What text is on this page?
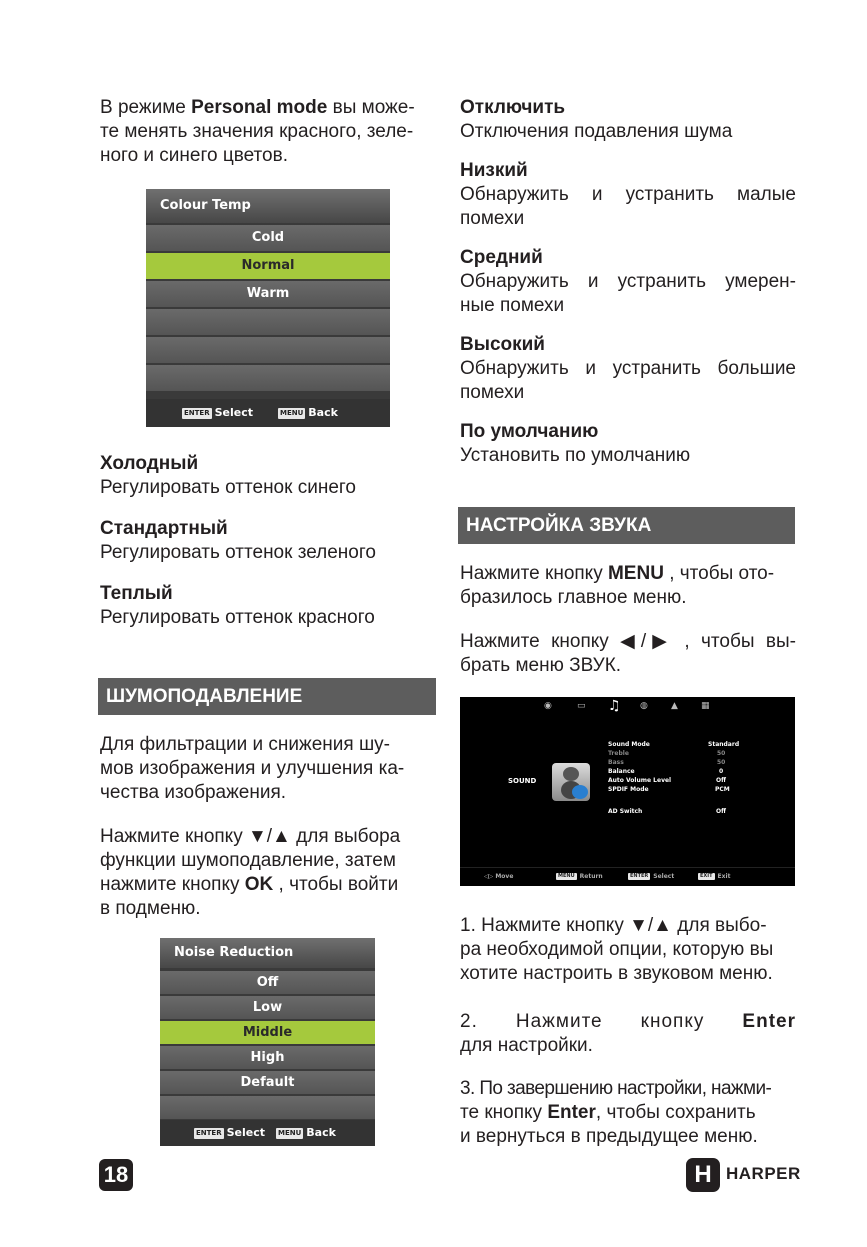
В режиме Personal mode вы може-

те менять значения красного, зеле-

ного и синего цветов.

Colour Temp
Cold
Normal
Warm
ENTER Select	MENU Back

Холодный

Регулировать оттенок синего

Стандартный

Регулировать оттенок зеленого

Теплый

Регулировать оттенок красного

ШУМОПОДАВЛЕНИЕ

Для фильтрации и снижения шу-

мов изображения и улучшения ка-

чества изображения.

Нажмите кнопку ▼/▲ для выбора

функции шумоподавление, затем

нажмите кнопку OK , чтобы войти

в подменю.

Noise Reduction
Off
Low
Middle
High
Default
ENTER Select MENU Back

Отключить

Отключения подавления шума

Низкий

Обнаружить и устранить малые

помехи

Средний

Обнаружить и устранить умерен-

ные помехи

Высокий

Обнаружить и устранить большие

помехи

По умолчанию

Установить по умолчанию

НАСТРОЙКА ЗВУКА

Нажмите кнопку MENU , чтобы ото-

бразилось главное меню.

Нажмите кнопку ◀/▶ , чтобы вы-

брать меню ЗВУК.

◉	▭ ♫ ◍	▲	▦
SOUND
Sound Mode	Standard
Treble	50
Bass	50
Balance	0
Auto Volume Level	Off
SPDIF Mode	PCM
AD Switch	Off
◁▷ Move	MENU Return	ENTER Select	EXIT Exit

1. Нажмите кнопку ▼/▲ для выбо-

ра необходимой опции, которую вы

хотите настроить в звуковом меню.

2. Нажмите кнопку Enter

для настройки.

3. По завершению настройки, нажми-

те кнопку Enter, чтобы сохранить

и вернуться в предыдущее меню.

18	H HARPER
